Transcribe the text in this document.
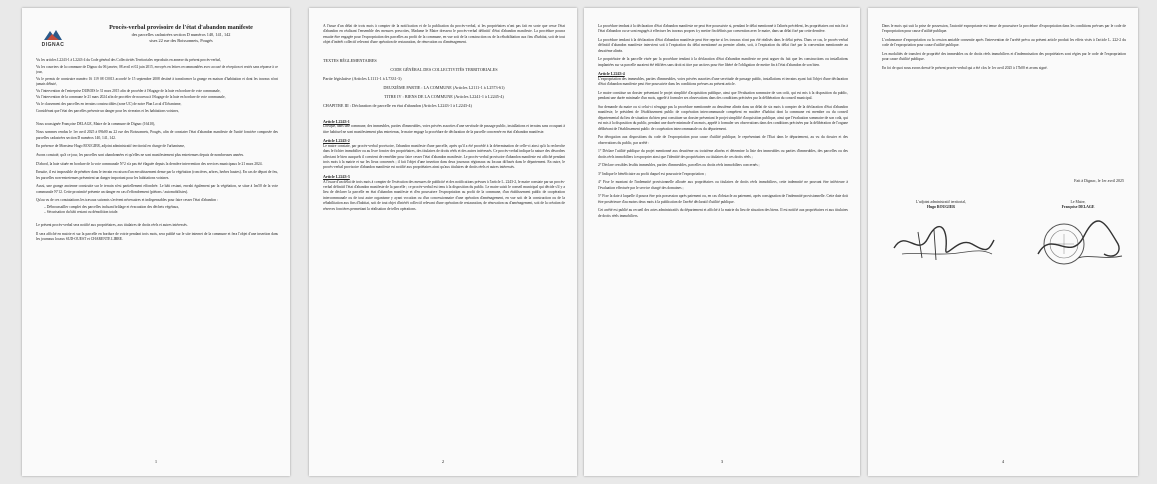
DIGNAC
Procès-verbal provisoire de l'état d'abandon manifeste
des parcelles cadastrées section D numéros 140, 141, 142
sises 22 rue des Boissonnets, Pougés

Vu les articles L2243-1 à L2243-4 du Code général des Collectivités Territoriales reproduits en annexe du présent procès-verbal,

Vu les courriers de la commune de Dignac du 06 janvier, 08 avril et 02 juin 2015, envoyés en lettres recommandées avec accusé de réception et restés sans réponse à ce jour,

Vu le permis de construire numéro 16 119 08 C0013 accordé le 15 septembre 2008 destiné à transformer la grange en maison d'habitation et dont les travaux n'ont jamais débuté,

Vu l'intervention de l'entreprise DUBOIS le 31 mars 2015 afin de procéder à l'élagage de la haie en bordure de voie communale,

Vu l'intervention de la commune le 21 mars 2024 afin de procéder de nouveau à l'élagage de la haie en bordure de voie communale,

Vu le classement des parcelles en terrains constructibles (zone UC) de notre Plan Local d'Urbanisme,

Considérant que l'état des parcelles présente un danger pour les riverains et les habitations voisines,

Nous soussignée Françoise DELAGE, Maire de la commune de Dignac (16410),

Nous sommes rendus le 1er avril 2025 à 09h00 au 22 rue des Boissonnets, Pougés, afin de constater l'état d'abandon manifeste de l'unité foncière composée des parcelles cadastrées section D numéros 140, 141, 142.

En présence de Monsieur Hugo ROUGIER, adjoint administratif territorial en charge de l'urbanisme,

Avons constaté, qu'à ce jour, les parcelles sont abandonnées et qu'elles ne sont manifestement plus entretenues depuis de nombreuses années.

D'abord, la haie située en bordure de la voie communale N°2 n'a pas été élaguée depuis la dernière intervention des services municipaux le 21 mars 2024.

Ensuite, il est impossible de pénétrer dans le terrain en raison d'un envahissement dense par la végétation (roncières, arbres, herbes hautes). En cas de départ de feu, les parcelles non-entretenues présentent un danger important pour les habitations voisines.

Aussi, une grange ancienne construite sur le terrain n'est partiellement effondrée. Le bâti restant, envahi également par la végétation, se situe à 1m50 de la voie communale N°12. Cette proximité présente un danger en cas d'effondrement (piétons / automobilistes).

Qu'au vu de ces constatations les travaux suivants s'avèrent nécessaires et indispensables pour faire cesser l'état d'abandon :

– Débroussailler complet des parcelles incluant brûlage et évacuation des déchets végétaux,

– Sécurisation du bâti restant ou démolition totale.

Le présent procès-verbal sera notifié aux propriétaires, aux titulaires de droits réels et autres intéressés.

Il sera affiché en mairie et sur la parcelle en bordure de voirie pendant trois mois, sera publié sur le site internet de la commune et fera l'objet d'une insertion dans les journaux locaux SUD-OUEST et CHARENTE LIBRE.

1

A l'issue d'un délai de trois mois à compter de la notification et de la publication du procès-verbal, si les propriétaires n'ont pas fait en sorte que cesse l'état d'abandon en réalisant l'ensemble des mesures prescrites, Madame le Maire dressera le procès-verbal définitif d'état d'abandon manifeste. La procédure pourra ensuite être engagée pour l'expropriation des parcelles au profit de la commune, en vue soit de la construction ou de la réhabilitation aux fins d'habitat, soit de tout objet d'intérêt collectif relevant d'une opération de restauration, de rénovation ou d'aménagement.

TEXTES RÉGLEMENTAIRES

CODE GÉNÉRAL DES COLLECTIVITÉS TERRITORIALES

Partie législative (Articles L1111-1 à L7331-3)

DEUXIÈME PARTIE : LA COMMUNE (Articles L2111-1 à L2573-61)

TITRE IV : BIENS DE LA COMMUNE (Articles L2241-1 à L2245-4)

CHAPITRE III : Déclaration de parcelle en état d'abandon (Articles L2243-1 à L2243-4)

Article L2243-1

Lorsque, dans une commune, des immeubles, parties d'immeubles, voies privées assorties d'une servitude de passage public, installations et terrains sans occupant à titre habituel ne sont manifestement plus entretenus, le maire engage la procédure de déclaration de la parcelle concernée en état d'abandon manifeste.

Article L2243-2

Le maire constate, par procès-verbal provisoire, l'abandon manifeste d'une parcelle, après qu'il a été procédé à la détermination de celle-ci ainsi qu'à la recherche dans le fichier immobilier ou au livre foncier des propriétaires, des titulaires de droits réels et des autres intéressés. Ce procès-verbal indique la nature des désordres affectant le bien auxquels il convient de remédier pour faire cesser l'état d'abandon manifeste. Le procès-verbal provisoire d'abandon manifeste est affiché pendant trois mois à la mairie et sur les lieux concernés ; il fait l'objet d'une insertion dans deux journaux régionaux ou locaux diffusés dans le département. En outre, le procès-verbal provisoire d'abandon manifeste est notifié aux propriétaires ainsi qu'aux titulaires de droits réels et autres intéressés.

Article L2243-3

A l'issue d'un délai de trois mois à compter de l'exécution des mesures de publicité et des notifications prévues à l'article L. 2243-2, le maire constate par un procès-verbal définitif l'état d'abandon manifeste de la parcelle ; ce procès-verbal est tenu à la disposition du public. Le maire saisit le conseil municipal qui décide s'il y a lieu de déclarer la parcelle en état d'abandon manifeste et d'en poursuivre l'expropriation au profit de la commune, d'un établissement public de coopération intercommunale ou de tout autre organisme y ayant vocation ou d'un concessionnaire d'une opération d'aménagement, en vue soit de la construction ou de la réhabilitation aux fins d'habitat, soit de tout objet d'intérêt collectif relevant d'une opération de restauration, de rénovation ou d'aménagement, soit de la création de réserves foncières permettant la réalisation de telles opérations.

2

La procédure tendant à la déclaration d'état d'abandon manifeste ne peut être poursuivie si, pendant le délai mentionné à l'alinéa précédent, les propriétaires ont mis fin à l'état d'abandon ou se sont engagés à effectuer les travaux propres à y mettre fin définis par convention avec le maire, dans un délai fixé par cette dernière.

La procédure tendant à la déclaration d'état d'abandon manifeste peut être reprise si les travaux n'ont pas été réalisés dans le délai prévu. Dans ce cas, le procès-verbal définitif d'abandon manifeste intervient soit à l'expiration du délai mentionné au premier alinéa, soit, à l'expiration du délai fixé par la convention mentionnée au deuxième alinéa.

Le propriétaire de la parcelle visée par la procédure tendant à la déclaration d'état d'abandon manifeste ne peut arguer du fait que les constructions ou installations implantées sur sa parcelle auraient été édifiées sans droit ni titre par un tiers pour être libéré de l'obligation de mettre fin à l'état d'abandon de son bien.

Article L2243-4

L'expropriation des immeubles, parties d'immeubles, voies privées assorties d'une servitude de passage public, installations et terrains ayant fait l'objet d'une déclaration d'état d'abandon manifeste peut être poursuivie dans les conditions prévues au présent article.

Le maire constitue un dossier présentant le projet simplifié d'acquisition publique, ainsi que l'évaluation sommaire de son coût, qui est mis à la disposition du public, pendant une durée minimale d'un mois, appelé à formuler ses observations dans des conditions précisées par la délibération du conseil municipal.

Sur demande du maire ou si celui-ci n'engage pas la procédure mentionnée au deuxième alinéa dans un délai de six mois à compter de la déclaration d'état d'abandon manifeste, le président de l'établissement public de coopération intercommunale compétent en matière d'habitat dont la commune est membre ou du conseil départemental du lieu de situation du bien peut constituer un dossier présentant le projet simplifié d'acquisition publique, ainsi que l'évaluation sommaire de son coût, qui est mis à la disposition du public, pendant une durée minimale d'un mois, appelé à formuler ses observations dans des conditions précisées par la délibération de l'organe délibérant de l'établissement public de coopération intercommunale ou du département.

Par dérogation aux dispositions du code de l'expropriation pour cause d'utilité publique, le représentant de l'Etat dans le département, au vu du dossier et des observations du public, par arrêté :

1° Déclare l'utilité publique du projet mentionné aux deuxième ou troisième alinéas et détermine la liste des immeubles ou parties d'immeubles, des parcelles ou des droits réels immobiliers à exproprier ainsi que l'identité des propriétaires ou titulaires de ces droits réels ;

2° Déclare cessibles lesdits immeubles, parties d'immeubles, parcelles ou droits réels immobiliers concernés ;

3° Indique le bénéficiaire au profit duquel est poursuivie l'expropriation ;

4° Fixe le montant de l'indemnité provisionnelle allouée aux propriétaires ou titulaires de droits réels immobiliers, cette indemnité ne pouvant être inférieure à l'évaluation effectuée par le service chargé des domaines ;

5° Fixe la date à laquelle il pourra être pris possession après paiement ou, en cas d'obstacle au paiement, après consignation de l'indemnité provisionnelle. Cette date doit être postérieure d'au moins deux mois à la publication de l'arrêté déclaratif d'utilité publique.

Cet arrêté est publié au recueil des actes administratifs du département et affiché à la mairie du lieu de situation des biens. Il est notifié aux propriétaires et aux titulaires de droits réels immobiliers.

3

Dans le mois qui suit la prise de possession, l'autorité expropriante est tenue de poursuivre la procédure d'expropriation dans les conditions prévues par le code de l'expropriation pour cause d'utilité publique.

L'ordonnance d'expropriation ou la cession amiable consentie après l'intervention de l'arrêté prévu au présent article produit les effets visés à l'article L. 222-2 du code de l'expropriation pour cause d'utilité publique.

Les modalités de transfert de propriété des immeubles ou de droits réels immobiliers et d'indemnisation des propriétaires sont régies par le code de l'expropriation pour cause d'utilité publique.

En foi de quoi nous avons dressé le présent procès-verbal qui a été clos le 1er avril 2025 à 17h00 et avons signé.

Fait à Dignac, le 1er avril 2025
L'adjoint administratif territorial,
Hugo ROUGIER
Le Maire,
Françoise DELAGE
4
